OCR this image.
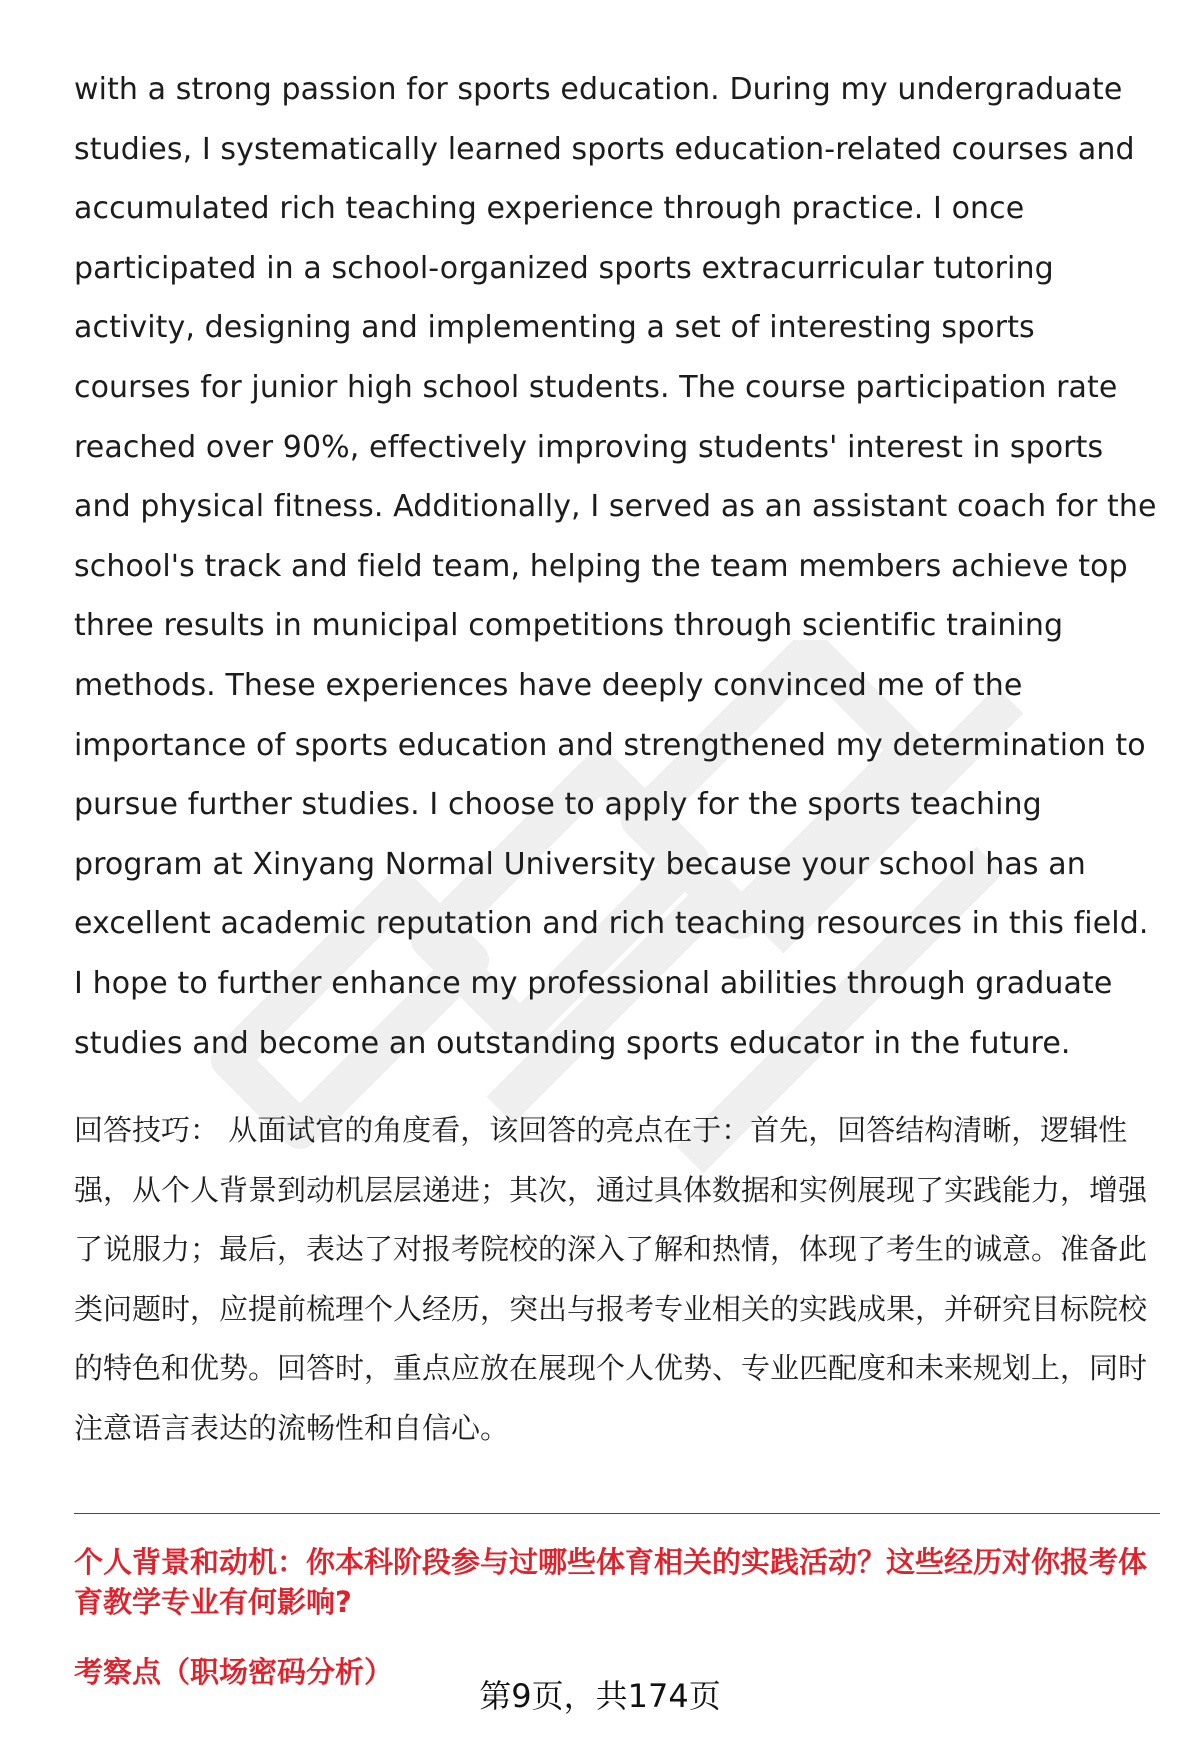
with a strong passion for sports education. During my undergraduate studies, I systematically learned sports education-related courses and accumulated rich teaching experience through practice. I once participated in a school-organized sports extracurricular tutoring activity, designing and implementing a set of interesting sports courses for junior high school students. The course participation rate reached over 90%, effectively improving students' interest in sports and physical fitness. Additionally, I served as an assistant coach for the school's track and field team, helping the team members achieve top three results in municipal competitions through scientific training methods. These experiences have deeply convinced me of the importance of sports education and strengthened my determination to pursue further studies. I choose to apply for the sports teaching program at Xinyang Normal University because your school has an excellent academic reputation and rich teaching resources in this field. I hope to further enhance my professional abilities through graduate studies and become an outstanding sports educator in the future.

回答技巧： 从面试官的角度看，该回答的亮点在于：首先，回答结构清晰，逻辑性强，从个人背景到动机层层递进；其次，通过具体数据和实例展现了实践能力，增强了说服力；最后，表达了对报考院校的深入了解和热情，体现了考生的诚意。准备此类问题时，应提前梳理个人经历，突出与报考专业相关的实践成果，并研究目标院校的特色和优势。回答时，重点应放在展现个人优势、专业匹配度和未来规划上，同时注意语言表达的流畅性和自信心。

个人背景和动机：你本科阶段参与过哪些体育相关的实践活动？这些经历对你报考体育教学专业有何影响?
考察点（职场密码分析）
第9页，共174页
